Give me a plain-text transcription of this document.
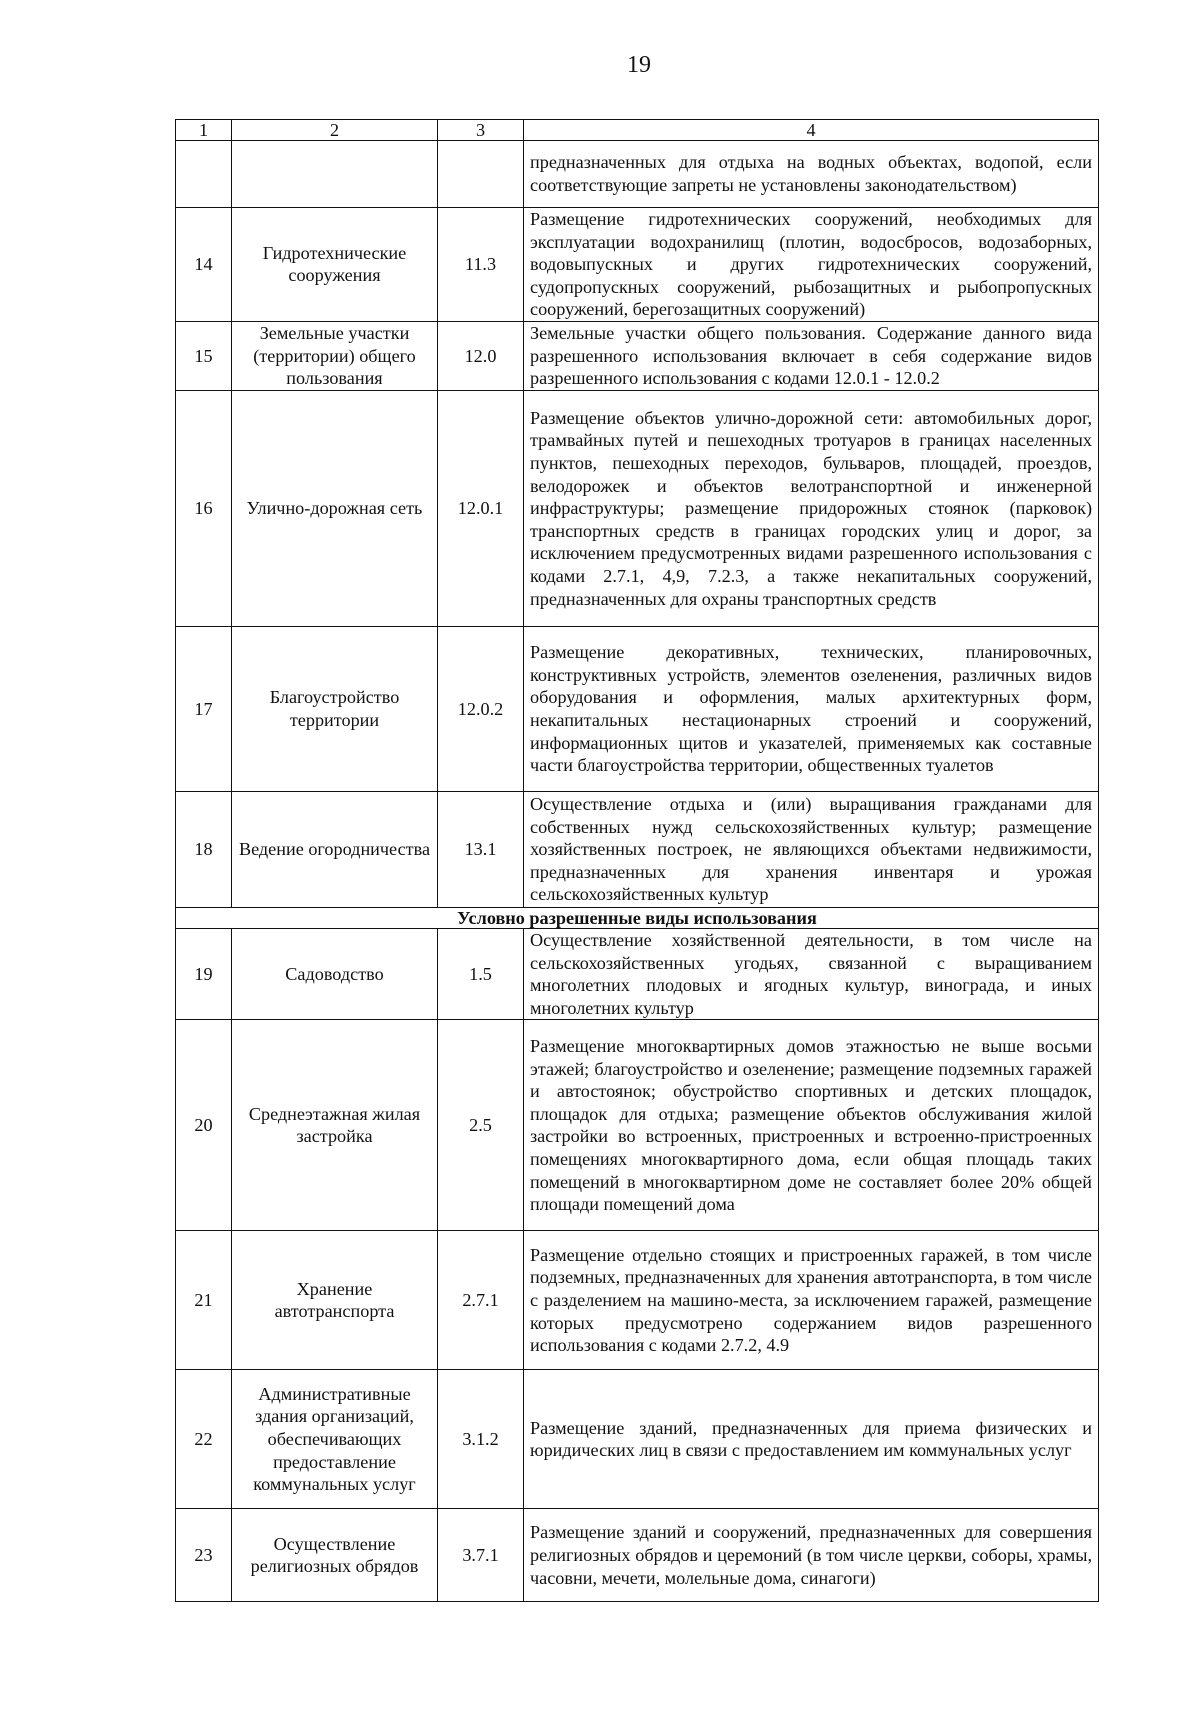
19
1	2	3	4
			предназначенных для отдыха на водных объектах, водопой, если соответствующие запреты не установлены законодательством)
14	Гидротехнические сооружения	11.3	Размещение гидротехнических сооружений, необходимых для эксплуатации водохранилищ (плотин, водосбросов, водозаборных, водовыпускных и других гидротехнических сооружений, судопропускных сооружений, рыбозащитных и рыбопропускных сооружений, берегозащитных сооружений)
15	Земельные участки (территории) общего пользования	12.0	Земельные участки общего пользования. Содержание данного вида разрешенного использования включает в себя содержание видов разрешенного использования с кодами 12.0.1 - 12.0.2
16	Улично-дорожная сеть	12.0.1	Размещение объектов улично-дорожной сети: автомобильных дорог, трамвайных путей и пешеходных тротуаров в границах населенных пунктов, пешеходных переходов, бульваров, площадей, проездов, велодорожек и объектов велотранспортной и инженерной инфраструктуры; размещение придорожных стоянок (парковок) транспортных средств в границах городских улиц и дорог, за исключением предусмотренных видами разрешенного использования с кодами 2.7.1, 4,9, 7.2.3, а также некапитальных сооружений, предназначенных для охраны транспортных средств
17	Благоустройство территории	12.0.2	Размещение декоративных, технических, планировочных, конструктивных устройств, элементов озеленения, различных видов оборудования и оформления, малых архитектурных форм, некапитальных нестационарных строений и сооружений, информационных щитов и указателей, применяемых как составные части благоустройства территории, общественных туалетов
18	Ведение огородничества	13.1	Осуществление отдыха и (или) выращивания гражданами для собственных нужд сельскохозяйственных культур; размещение хозяйственных построек, не являющихся объектами недвижимости, предназначенных для хранения инвентаря и урожая сельскохозяйственных культур
Условно разрешенные виды использования			
19	Садоводство	1.5	Осуществление хозяйственной деятельности, в том числе на сельскохозяйственных угодьях, связанной с выращиванием многолетних плодовых и ягодных культур, винограда, и иных многолетних культур
20	Среднеэтажная жилая застройка	2.5	Размещение многоквартирных домов этажностью не выше восьми этажей; благоустройство и озеленение; размещение подземных гаражей и автостоянок; обустройство спортивных и детских площадок, площадок для отдыха; размещение объектов обслуживания жилой застройки во встроенных, пристроенных и встроенно-пристроенных помещениях многоквартирного дома, если общая площадь таких помещений в многоквартирном доме не составляет более 20% общей площади помещений дома
21	Хранение автотранспорта	2.7.1	Размещение отдельно стоящих и пристроенных гаражей, в том числе подземных, предназначенных для хранения автотранспорта, в том числе с разделением на машино-места, за исключением гаражей, размещение которых предусмотрено содержанием видов разрешенного использования с кодами 2.7.2, 4.9
22	Административные здания организаций, обеспечивающих предоставление коммунальных услуг	3.1.2	Размещение зданий, предназначенных для приема физических и юридических лиц в связи с предоставлением им коммунальных услуг
23	Осуществление религиозных обрядов	3.7.1	Размещение зданий и сооружений, предназначенных для совершения религиозных обрядов и церемоний (в том числе церкви, соборы, храмы, часовни, мечети, молельные дома, синагоги)
